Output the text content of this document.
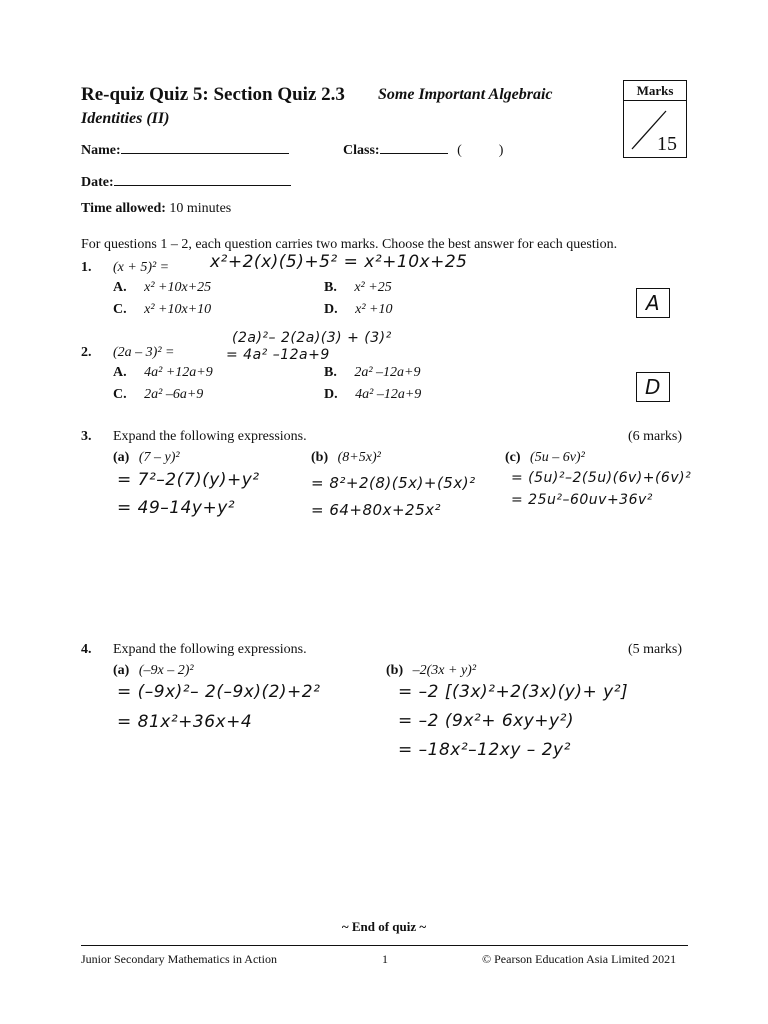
Re-quiz Quiz 5: Section Quiz 2.3 Some Important Algebraic
Identities (II)
Marks
15
Name:	Class:	(	)
Date:
Time allowed: 10 minutes
For questions 1 – 2, each question carries two marks. Choose the best answer for each question.
1. (x + 5)² = x²+2(x)(5)+5² = x²+10x+25
A. x² +10x+25	B. x² +25
C. x² +10x+10	D. x² +10	A
(2a)²– 2(2a)(3) + (3)²
= 4a² –12a+9
2. (2a – 3)² =
A. 4a² +12a+9	B. 2a² –12a+9
C. 2a² –6a+9	D. 4a² –12a+9	D
3. Expand the following expressions.	(6 marks)
(a) (7 – y)²
= 7²–2(7)(y)+y²
= 49–14y+y²
(b) (8+5x)²
= 8²+2(8)(5x)+(5x)²
= 64+80x+25x²
(c) (5u – 6v)²
= (5u)²–2(5u)(6v)+(6v)²
= 25u²–60uv+36v²
4. Expand the following expressions.	(5 marks)
(a) (–9x – 2)²
= (–9x)²– 2(–9x)(2)+2²
= 81x²+36x+4
(b) –2(3x + y)²
= –2 [(3x)²+2(3x)(y)+ y²]
= –2 (9x²+ 6xy+y²)
= –18x²–12xy – 2y²
~ End of quiz ~
Junior Secondary Mathematics in Action	1	© Pearson Education Asia Limited 2021
